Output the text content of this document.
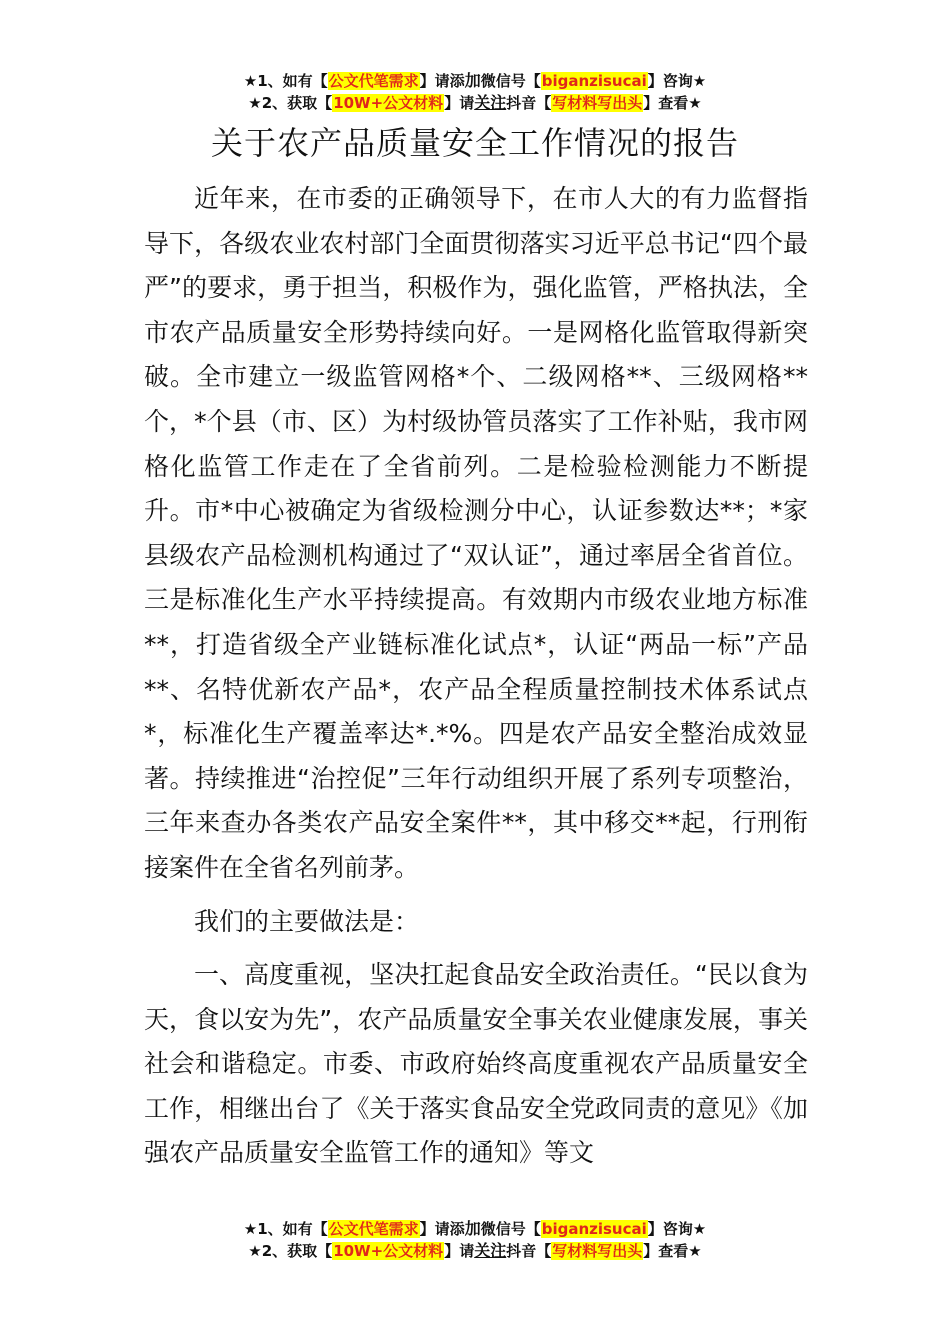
★1、如有【公文代笔需求】请添加微信号【biganzisucai】咨询★
★2、获取【10W+公文材料】请关注抖音【写材料写出头】查看★
关于农产品质量安全工作情况的报告

近年来，在市委的正确领导下，在市人大的有力监督指导下，各级农业农村部门全面贯彻落实习近平总书记“四个最严”的要求，勇于担当，积极作为，强化监管，严格执法，全市农产品质量安全形势持续向好。一是网格化监管取得新突破。全市建立一级监管网格*个、二级网格**、三级网格**个，*个县（市、区）为村级协管员落实了工作补贴，我市网格化监管工作走在了全省前列。二是检验检测能力不断提升。市*中心被确定为省级检测分中心，认证参数达**；*家县级农产品检测机构通过了“双认证”，通过率居全省首位。三是标准化生产水平持续提高。有效期内市级农业地方标准**，打造省级全产业链标准化试点*，认证“两品一标”产品**、名特优新农产品*，农产品全程质量控制技术体系试点*，标准化生产覆盖率达*.*%。四是农产品安全整治成效显著。持续推进“治控促”三年行动组织开展了系列专项整治，三年来查办各类农产品安全案件**，其中移交**起，行刑衔接案件在全省名列前茅。

我们的主要做法是：

一、高度重视，坚决扛起食品安全政治责任。“民以食为天，食以安为先”，农产品质量安全事关农业健康发展，事关社会和谐稳定。市委、市政府始终高度重视农产品质量安全工作，相继出台了《关于落实食品安全党政同责的意见》《加强农产品质量安全监管工作的通知》等文

★1、如有【公文代笔需求】请添加微信号【biganzisucai】咨询★
★2、获取【10W+公文材料】请关注抖音【写材料写出头】查看★
